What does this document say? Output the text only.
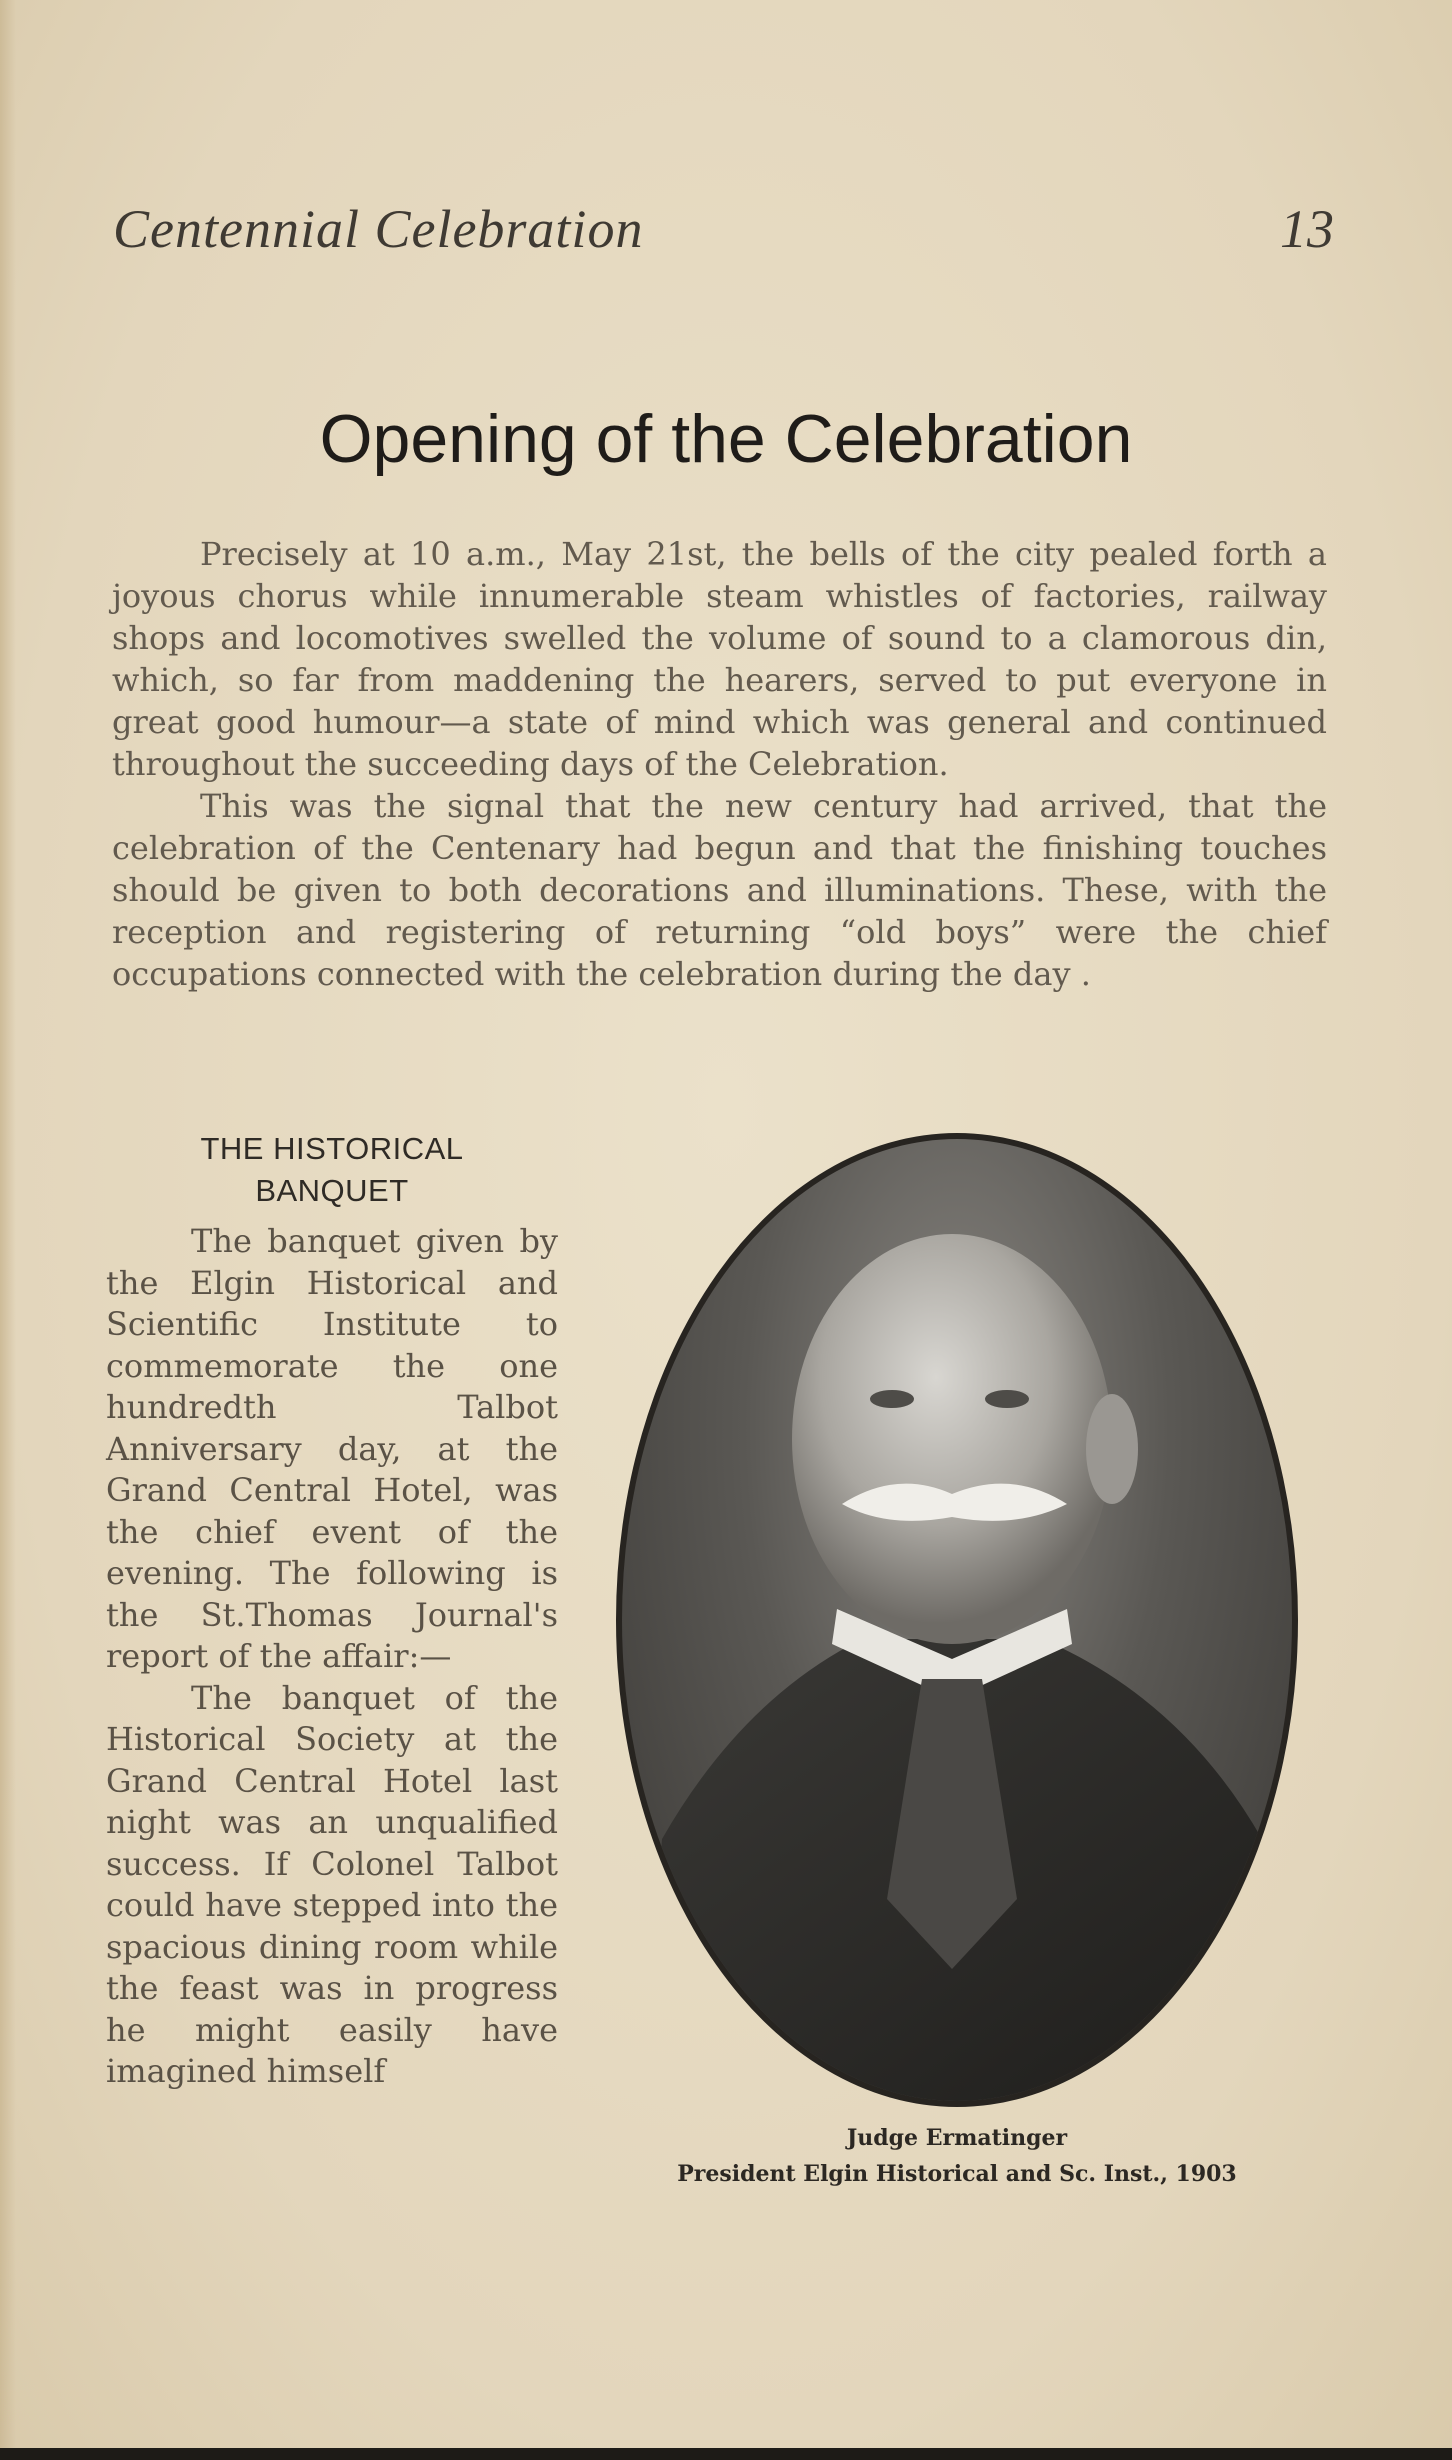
Centennial Celebration	13
Opening of the Celebration

Precisely at 10 a.m., May 21st, the bells of the city pealed forth a joyous chorus while innumerable steam whistles of factories, railway shops and locomotives swelled the volume of sound to a clamorous din, which, so far from maddening the hearers, served to put everyone in great good humour—a state of mind which was general and continued throughout the succeeding days of the Celebration.

This was the signal that the new century had arrived, that the celebration of the Centenary had begun and that the finishing touches should be given to both decorations and illuminations. These, with the reception and registering of returning “old boys” were the chief occupations connected with the celebration during the day .

THE HISTORICAL
BANQUET

The banquet given by the Elgin Historical and Scientific Institute to commemorate the one hundredth Talbot Anniversary day, at the Grand Central Hotel, was the chief event of the evening. The following is the St.Thomas Journal's report of the affair:—

The banquet of the Historical Society at the Grand Central Hotel last night was an unqualified success. If Colonel Talbot could have stepped into the spacious dining room while the feast was in progress he might easily have imagined himself

Judge Ermatinger
President Elgin Historical and Sc. Inst., 1903
